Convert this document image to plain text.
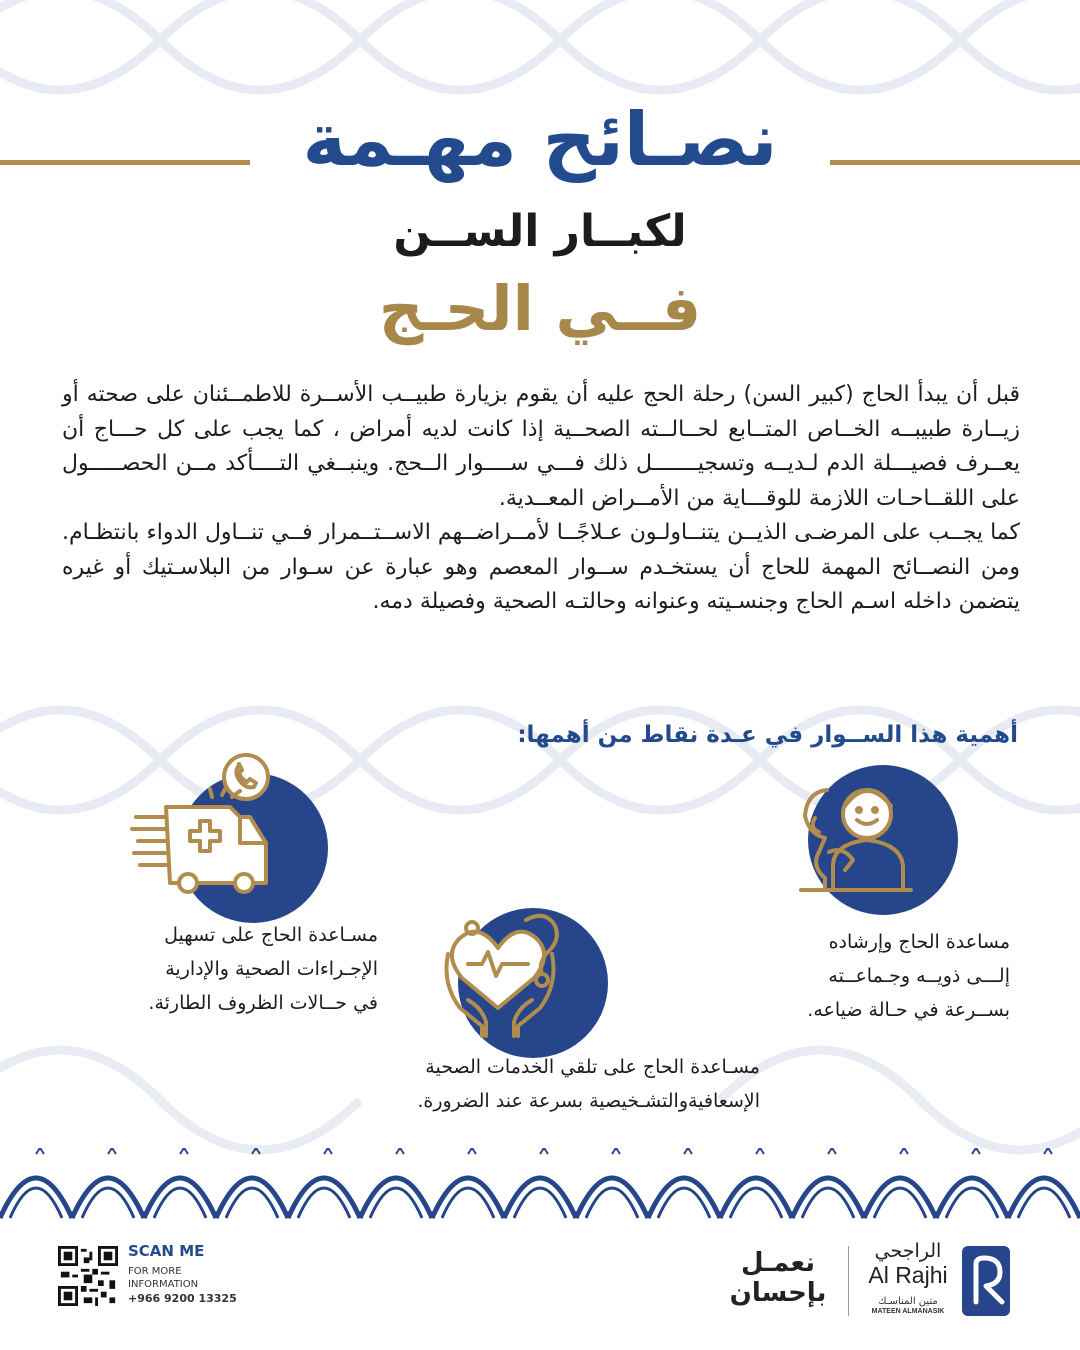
نصـائح مهـمة
لكبــار الســن
فــي الحـج

قبل أن يبدأ الحاج (كبير السن) رحلة الحج عليه أن يقوم بزيارة طبيــب الأســرة للاطمــئنان على صحته أو زيــارة طبيبــه الخــاص المتــابع لحــالــته الصحــية إذا كانت لديه أمراض ، كما يجب على كل حـــاج أن يعــرف فصيـــلة الدم لـديــه وتسجيـــــــل ذلك فـــي ســــوار الــحج. وينبــغي التــــأكد مــن الحصـــــول على اللقــاحـات اللازمة للوقـــاية من الأمــراض المعــدية.

كما يجــب على المرضـى الذيــن يتنــاولـون عـلاجًــا لأمــراضــهم الاســتــمرار فــي تنــاول الدواء بانتظـام. ومن النصــائح المهمة للحاج أن يستخـدم ســوار المعصم وهو عبارة عن سـوار من البلاسـتيك أو غيره يتضمن داخله اسـم الحاج وجنسـيته وعنوانه وحالتـه الصحية وفصيلة دمه.

أهمية هذا الســوار في عـدة نقاط من أهمها:
مسـاعدة الحاج على تسهيل
الإجـراءات الصحية والإدارية
في حــالات الظروف الطارئة.
مسـاعدة الحاج على تلقي الخدمات الصحية
الإسعافيةوالتشـخيصية بسرعة عند الضرورة.
مساعدة الحاج وإرشاده
إلـــى ذويــه وجـماعــته
بســرعة في حـالة ضياعه.
SCAN ME
FOR MORE
INFORMATION
+966 9200 13325
نعمـل
بإحسان
الراجحي
Al Rajhi
متين المناسـك
MATEEN ALMANASIK
